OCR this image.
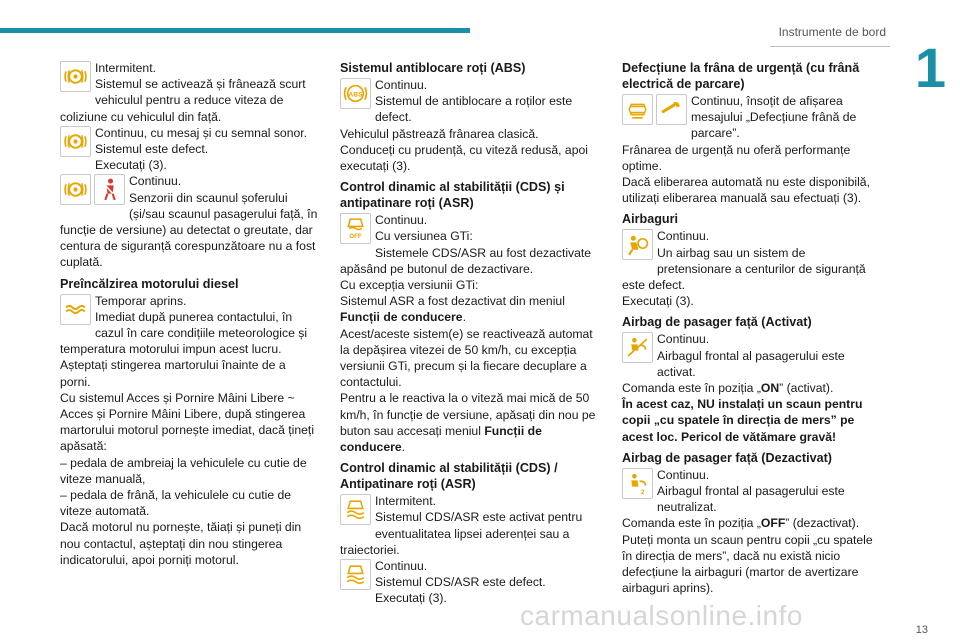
Instrumente de bord
1

Intermitent.

Sistemul se activează și frânează scurt vehiculul pentru a reduce viteza de coliziune cu vehiculul din față.

Continuu, cu mesaj și cu semnal sonor.

Sistemul este defect.

Executați (3).

Continuu.

Senzorii din scaunul șoferului (și/sau scaunul pasagerului față, în funcție de versiune) au detectat o greutate, dar centura de siguranță corespunzătoare nu a fost cuplată.

Preîncălzirea motorului diesel

Temporar aprins.

Imediat după punerea contactului, în cazul în care condițiile meteorologice și temperatura motorului impun acest lucru.

Așteptați stingerea martorului înainte de a porni.

Cu sistemul Acces și Pornire Mâini Libere ~ Acces și Pornire Mâini Libere, după stingerea martorului motorul pornește imediat, dacă țineți apăsată:

– pedala de ambreiaj la vehiculele cu cutie de viteze manuală,

– pedala de frână, la vehiculele cu cutie de viteze automată.

Dacă motorul nu pornește, tăiați și puneți din nou contactul, așteptați din nou stingerea indicatorului, apoi porniți motorul.

Sistemul antiblocare roți (ABS)
ABS

Continuu.

Sistemul de antiblocare a roților este defect.

Vehiculul păstrează frânarea clasică.

Conduceți cu prudență, cu viteză redusă, apoi executați (3).

Control dinamic al stabilității (CDS) și antipatinare roți (ASR)
OFF

Continuu.

Cu versiunea GTi:

Sistemele CDS/ASR au fost dezactivate apăsând pe butonul de dezactivare.

Cu excepția versiunii GTi:

Sistemul ASR a fost dezactivat din meniul Funcții de conducere.

Acest/aceste sistem(e) se reactivează automat la depășirea vitezei de 50 km/h, cu excepția versiunii GTi, precum și la fiecare decuplare a contactului.

Pentru a le reactiva la o viteză mai mică de 50 km/h, în funcție de versiune, apăsați din nou pe buton sau accesați meniul Funcții de conducere.

Control dinamic al stabilității (CDS) / Antipatinare roți (ASR)

Intermitent.

Sistemul CDS/ASR este activat pentru eventualitatea lipsei aderenței sau a traiectoriei.

Continuu.

Sistemul CDS/ASR este defect.

Executați (3).

Defecțiune la frâna de urgență (cu frână electrică de parcare)

Continuu, însoțit de afișarea mesajului „Defecțiune frână de parcare”.

Frânarea de urgență nu oferă performanțe optime.

Dacă eliberarea automată nu este disponibilă, utilizați eliberarea manuală sau efectuați (3).

Airbaguri

Continuu.

Un airbag sau un sistem de pretensionare a centurilor de siguranță este defect.

Executați (3).

Airbag de pasager față (Activat)

Continuu.

Airbagul frontal al pasagerului este activat.

Comanda este în poziția „ON” (activat).

În acest caz, NU instalați un scaun pentru copii „cu spatele în direcția de mers” pe acest loc. Pericol de vătămare gravă!

Airbag de pasager față (Dezactivat)
2

Continuu.

Airbagul frontal al pasagerului este neutralizat.

Comanda este în poziția „OFF” (dezactivat).

Puteți monta un scaun pentru copii „cu spatele în direcția de mers”, dacă nu există nicio defecțiune la airbaguri (martor de avertizare airbaguri aprins).

carmanualsonline.info	13
